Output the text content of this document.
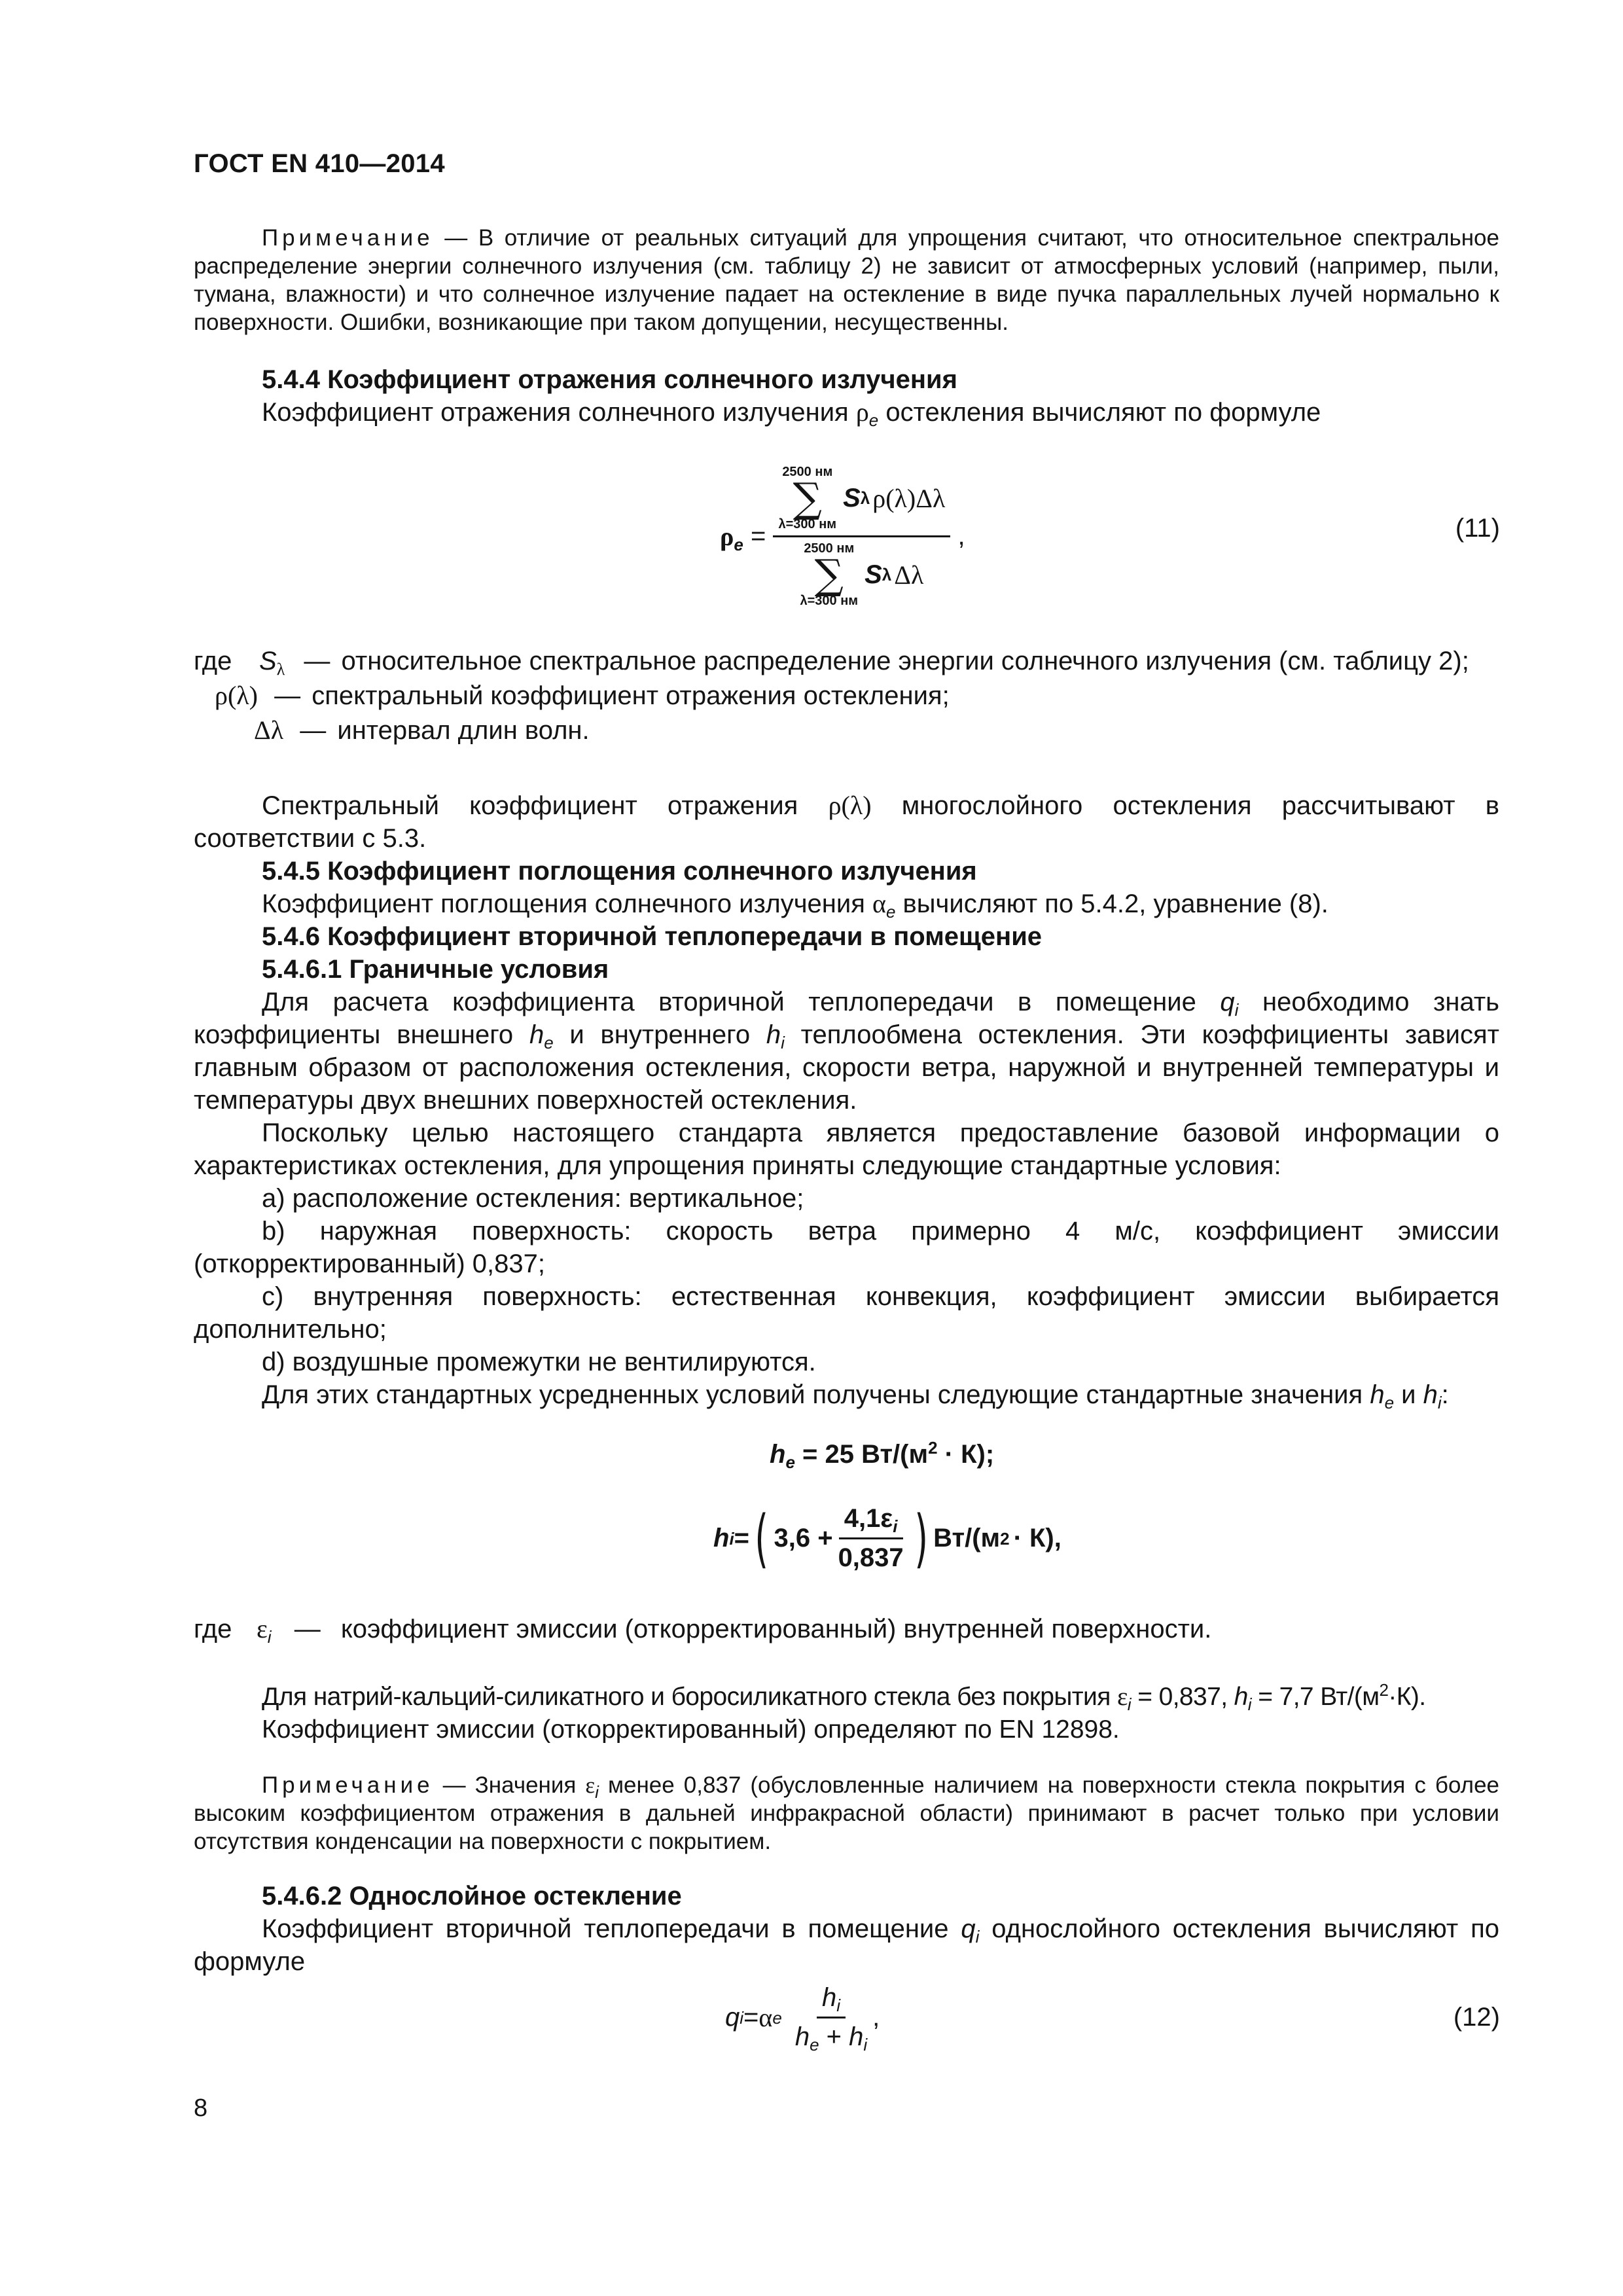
ГОСТ EN 410—2014

Примечание — В отличие от реальных ситуаций для упрощения считают, что относительное спектральное распределение энергии солнечного излучения (см. таблицу 2) не зависит от атмосферных условий (например, пыли, тумана, влажности) и что солнечное излучение падает на остекление в виде пучка параллельных лучей нормально к поверхности. Ошибки, возникающие при таком допущении, несущественны.

5.4.4 Коэффициент отражения солнечного излучения

Коэффициент отражения солнечного излучения $\rho_e$ остекления вычисляют по формуле

$\rho_e = 2500$ нм
∑
λ=300 нм
S λ ρ(λ)Δλ
2500 нм
∑
λ=300 нм
S λ Δλ ,	(11)
где $S_\lambda$ — относительное спектральное распределение энергии солнечного излучения (см. таблицу 2);
ρ(λ) — спектральный коэффициент отражения остекления;
Δλ — интервал длин волн.

Спектральный коэффициент отражения ρ(λ) многослойного остекления рассчитывают в соответствии с 5.3.

5.4.5 Коэффициент поглощения солнечного излучения

Коэффициент поглощения солнечного излучения $\alpha_e$ вычисляют по 5.4.2, уравнение (8).

5.4.6 Коэффициент вторичной теплопередачи в помещение

5.4.6.1 Граничные условия

Для расчета коэффициента вторичной теплопередачи в помещение $q_i$ необходимо знать коэффициенты внешнего $h_e$ и внутреннего $h_i$ теплообмена остекления. Эти коэффициенты зависят главным образом от расположения остекления, скорости ветра, наружной и внутренней температуры и температуры двух внешних поверхностей остекления.

Поскольку целью настоящего стандарта является предоставление базовой информации о характеристиках остекления, для упрощения приняты следующие стандартные условия:

a) расположение остекления: вертикальное;

b) наружная поверхность: скорость ветра примерно 4 м/с, коэффициент эмиссии (откорректированный) 0,837;

c) внутренняя поверхность: естественная конвекция, коэффициент эмиссии выбирается дополнительно;

d) воздушные промежутки не вентилируются.

Для этих стандартных усредненных условий получены следующие стандартные значения $h_e$ и $h_i$:

$h_e = 25$ $Вт/(м^2 \cdot К)$;
h i = ( $3,6 + \frac{4,1\varepsilon_i}{0,837}$ ) Вт/(м 2 · К),
где $\varepsilon_i$ — коэффициент эмиссии (откорректированный) внутренней поверхности.

Для натрий-кальций-силикатного и боросиликатного стекла без покрытия $\varepsilon_i = 0,837$, $h_i = 7,7$ $Вт/(м^2\cdot К)$.

Коэффициент эмиссии (откорректированный) определяют по EN 12898.

Примечание — Значения $\varepsilon_i$ менее 0,837 (обусловленные наличием на поверхности стекла покрытия с более высоким коэффициентом отражения в дальней инфракрасной области) принимают в расчет только при условии отсутствия конденсации на поверхности с покрытием.

5.4.6.2 Однослойное остекление

Коэффициент вторичной теплопередачи в помещение $q_i$ однослойного остекления вычисляют по формуле

q i = α e $\frac{h_i}{h_e + h_i}$ ,	(12)
8
